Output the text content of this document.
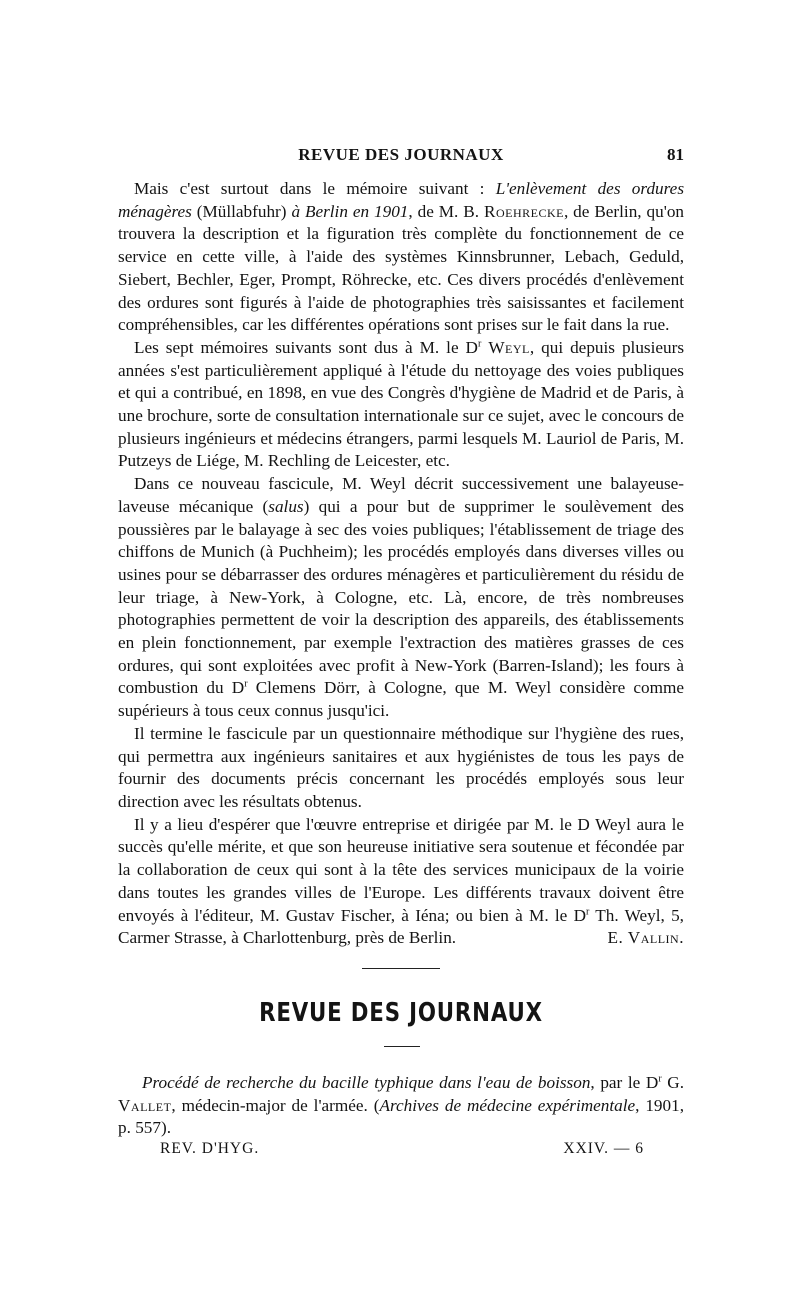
REVUE DES JOURNAUX	81

Mais c'est surtout dans le mémoire suivant : L'enlèvement des ordures ménagères (Müllabfuhr) à Berlin en 1901, de M. B. Roehrecke, de Berlin, qu'on trouvera la description et la figuration très complète du fonctionnement de ce service en cette ville, à l'aide des systèmes Kinnsbrunner, Lebach, Geduld, Siebert, Bechler, Eger, Prompt, Röhrecke, etc. Ces divers procédés d'enlèvement des ordures sont figurés à l'aide de photographies très saisissantes et facilement compréhensibles, car les différentes opérations sont prises sur le fait dans la rue.

Les sept mémoires suivants sont dus à M. le $D^r$ Weyl, qui depuis plusieurs années s'est particulièrement appliqué à l'étude du nettoyage des voies publiques et qui a contribué, en 1898, en vue des Congrès d'hygiène de Madrid et de Paris, à une brochure, sorte de consultation internationale sur ce sujet, avec le concours de plusieurs ingénieurs et médecins étrangers, parmi lesquels M. Lauriol de Paris, M. Putzeys de Liége, M. Rechling de Leicester, etc.

Dans ce nouveau fascicule, M. Weyl décrit successivement une balayeuse-laveuse mécanique (salus) qui a pour but de supprimer le soulèvement des poussières par le balayage à sec des voies publiques; l'établissement de triage des chiffons de Munich (à Puchheim); les procédés employés dans diverses villes ou usines pour se débarrasser des ordures ménagères et particulièrement du résidu de leur triage, à New-York, à Cologne, etc. Là, encore, de très nombreuses photographies permettent de voir la description des appareils, des établissements en plein fonctionnement, par exemple l'extraction des matières grasses de ces ordures, qui sont exploitées avec profit à New-York (Barren-Island); les fours à combustion du $D^r$ Clemens Dörr, à Cologne, que M. Weyl considère comme supérieurs à tous ceux connus jusqu'ici.

Il termine le fascicule par un questionnaire méthodique sur l'hygiène des rues, qui permettra aux ingénieurs sanitaires et aux hygiénistes de tous les pays de fournir des documents précis concernant les procédés employés sous leur direction avec les résultats obtenus.

Il y a lieu d'espérer que l'œuvre entreprise et dirigée par M. le D Weyl aura le succès qu'elle mérite, et que son heureuse initiative sera soutenue et fécondée par la collaboration de ceux qui sont à la tête des services municipaux de la voirie dans toutes les grandes villes de l'Europe. Les différents travaux doivent être envoyés à l'éditeur, M. Gustav Fischer, à Iéna; ou bien à M. le $D^r$ Th. Weyl, 5, Carmer Strasse, à Charlottenburg, près de Berlin.	E. Vallin.

REVUE DES JOURNAUX

Procédé de recherche du bacille typhique dans l'eau de boisson, par le $D^r$ G. Vallet, médecin-major de l'armée. (Archives de médecine expérimentale, 1901, p. 557).

REV. D'HYG.	XXIV. — 6
